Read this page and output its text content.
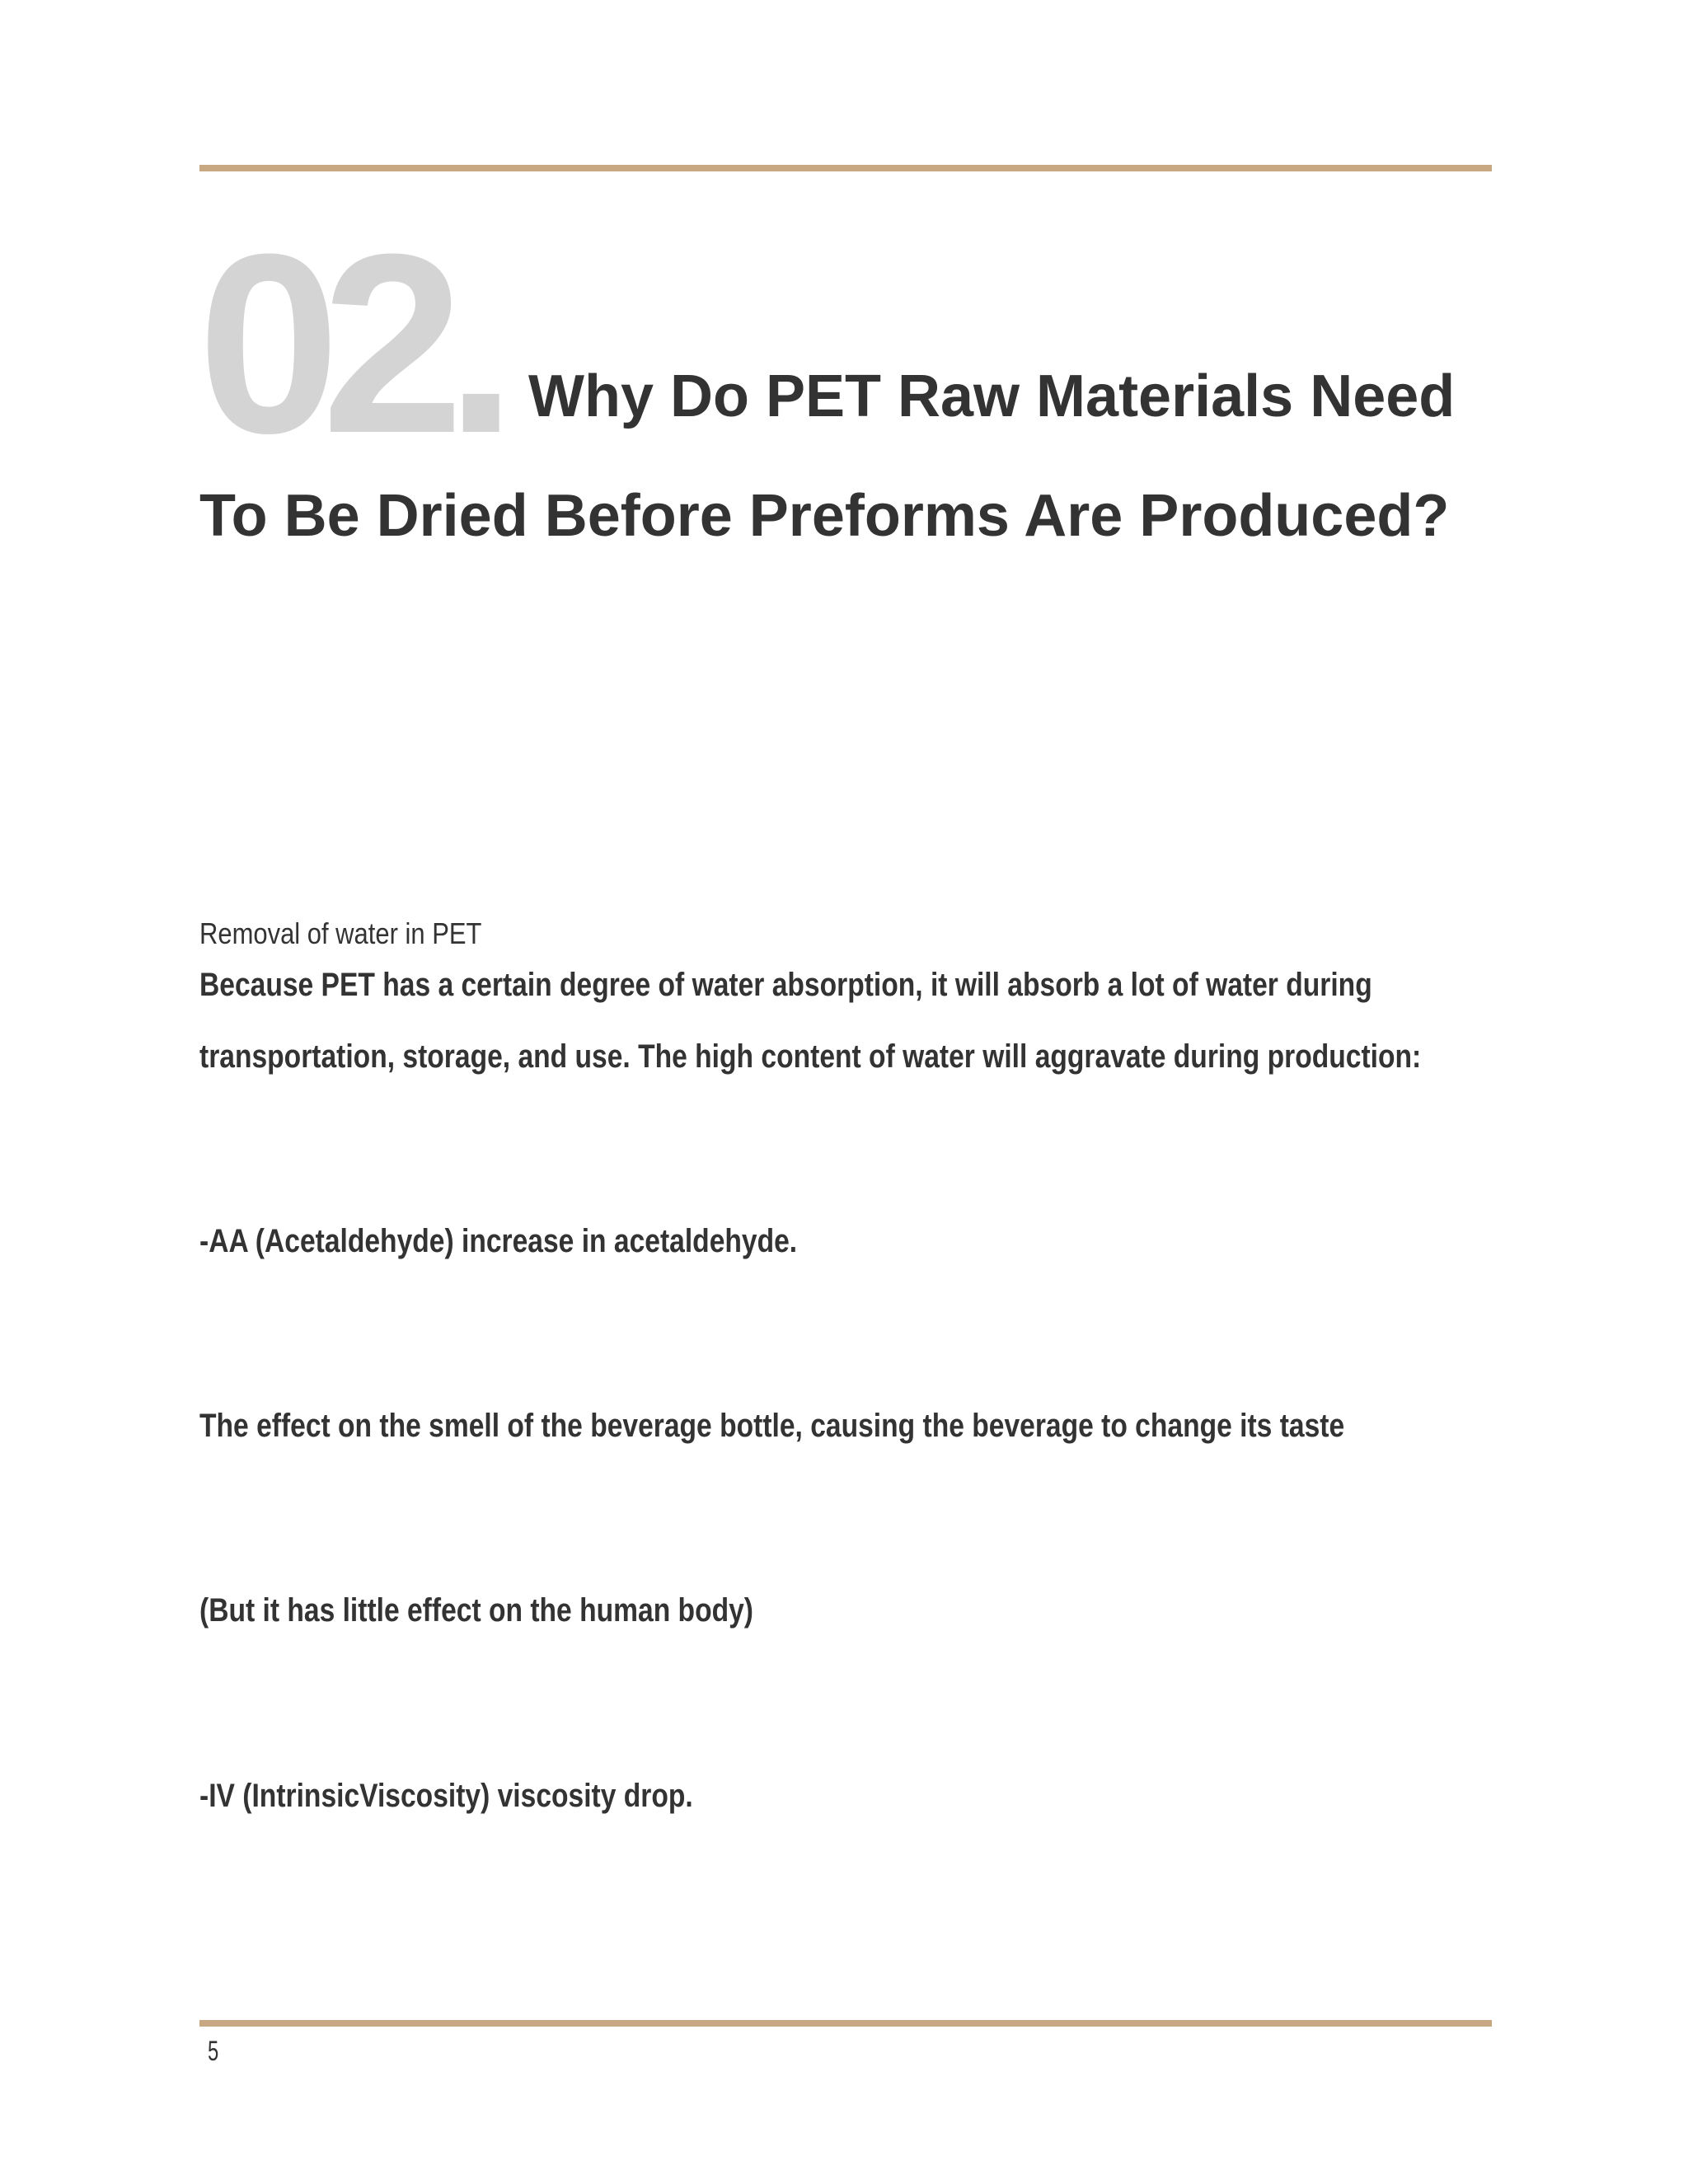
02. Why Do PET Raw Materials Need
To Be Dried Before Preforms Are Produced?
Removal of water in PET
Because PET has a certain degree of water absorption, it will absorb a lot of water during
transportation, storage, and use. The high content of water will aggravate during production:
-AA (Acetaldehyde) increase in acetaldehyde.
The effect on the smell of the beverage bottle, causing the beverage to change its taste
(But it has little effect on the human body)
-IV (IntrinsicViscosity) viscosity drop.
5
